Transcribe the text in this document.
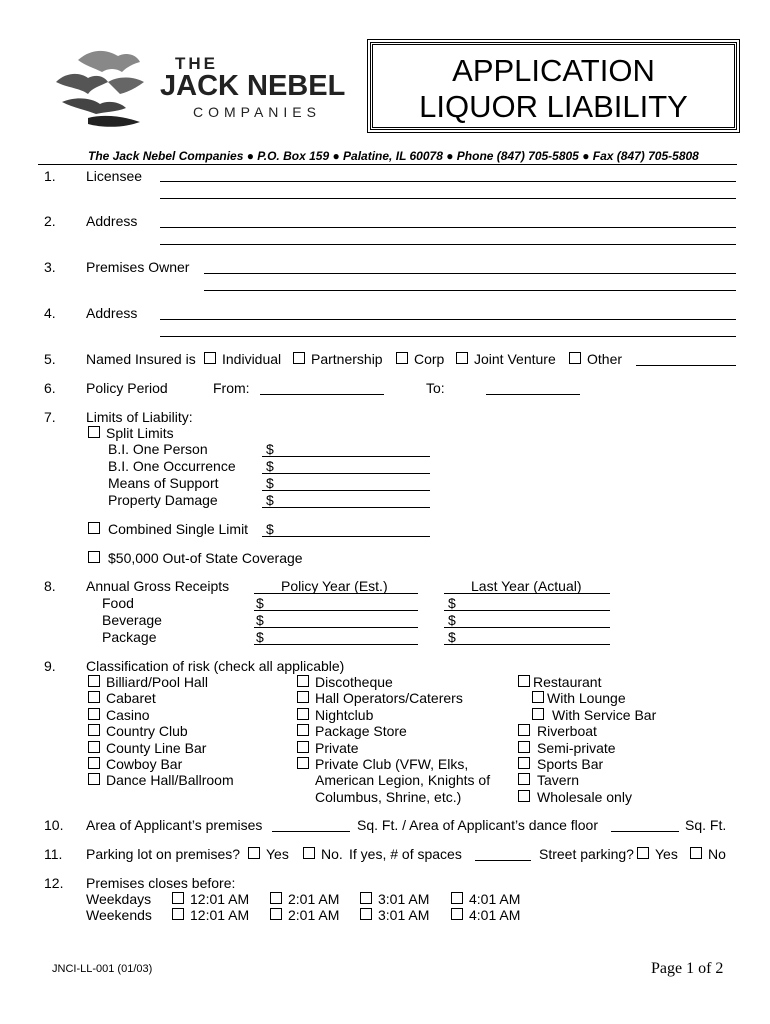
THE
JACK NEBEL
COMPANIES
APPLICATION
LIQUOR LIABILITY
The Jack Nebel Companies ● P.O. Box 159 ● Palatine, IL 60078 ● Phone (847) 705-5805 ● Fax (847) 705-5808
1. Licensee
2. Address
3. Premises Owner
4. Address
5. Named Insured is Individual Partnership Corp Joint Venture Other
6. Policy Period	From:	To:
7. Limits of Liability:
Split Limits
B.I. One Person	$
B.I. One Occurrence $
Means of Support	$
Property Damage	$
Combined Single Limit $
$50,000 Out-of State Coverage
8. Annual Gross Receipts	Policy Year (Est.)	Last Year (Actual)
Food	$	$
Beverage	$	$
Package	$	$
9. Classification of risk (check all applicable)
Billiard/Pool Hall
Cabaret
Casino
Country Club
County Line Bar
Cowboy Bar
Dance Hall/Ballroom
Discotheque
Hall Operators/Caterers
Nightclub
Package Store
Private
Private Club (VFW, Elks,
American Legion, Knights of
Columbus, Shrine, etc.)
Restaurant
With Lounge
With Service Bar
Riverboat
Semi-private
Sports Bar
Tavern
Wholesale only
10. Area of Applicant’s premises	Sq. Ft. / Area of Applicant’s dance floor	Sq. Ft.
11. Parking lot on premises? Yes No. If yes, # of spaces	Street parking? Yes No
12. Premises closes before:
Weekdays	12:01 AM	2:01 AM	3:01 AM	4:01 AM
Weekends	12:01 AM	2:01 AM	3:01 AM	4:01 AM
JNCI-LL-001 (01/03)	Page 1 of 2
